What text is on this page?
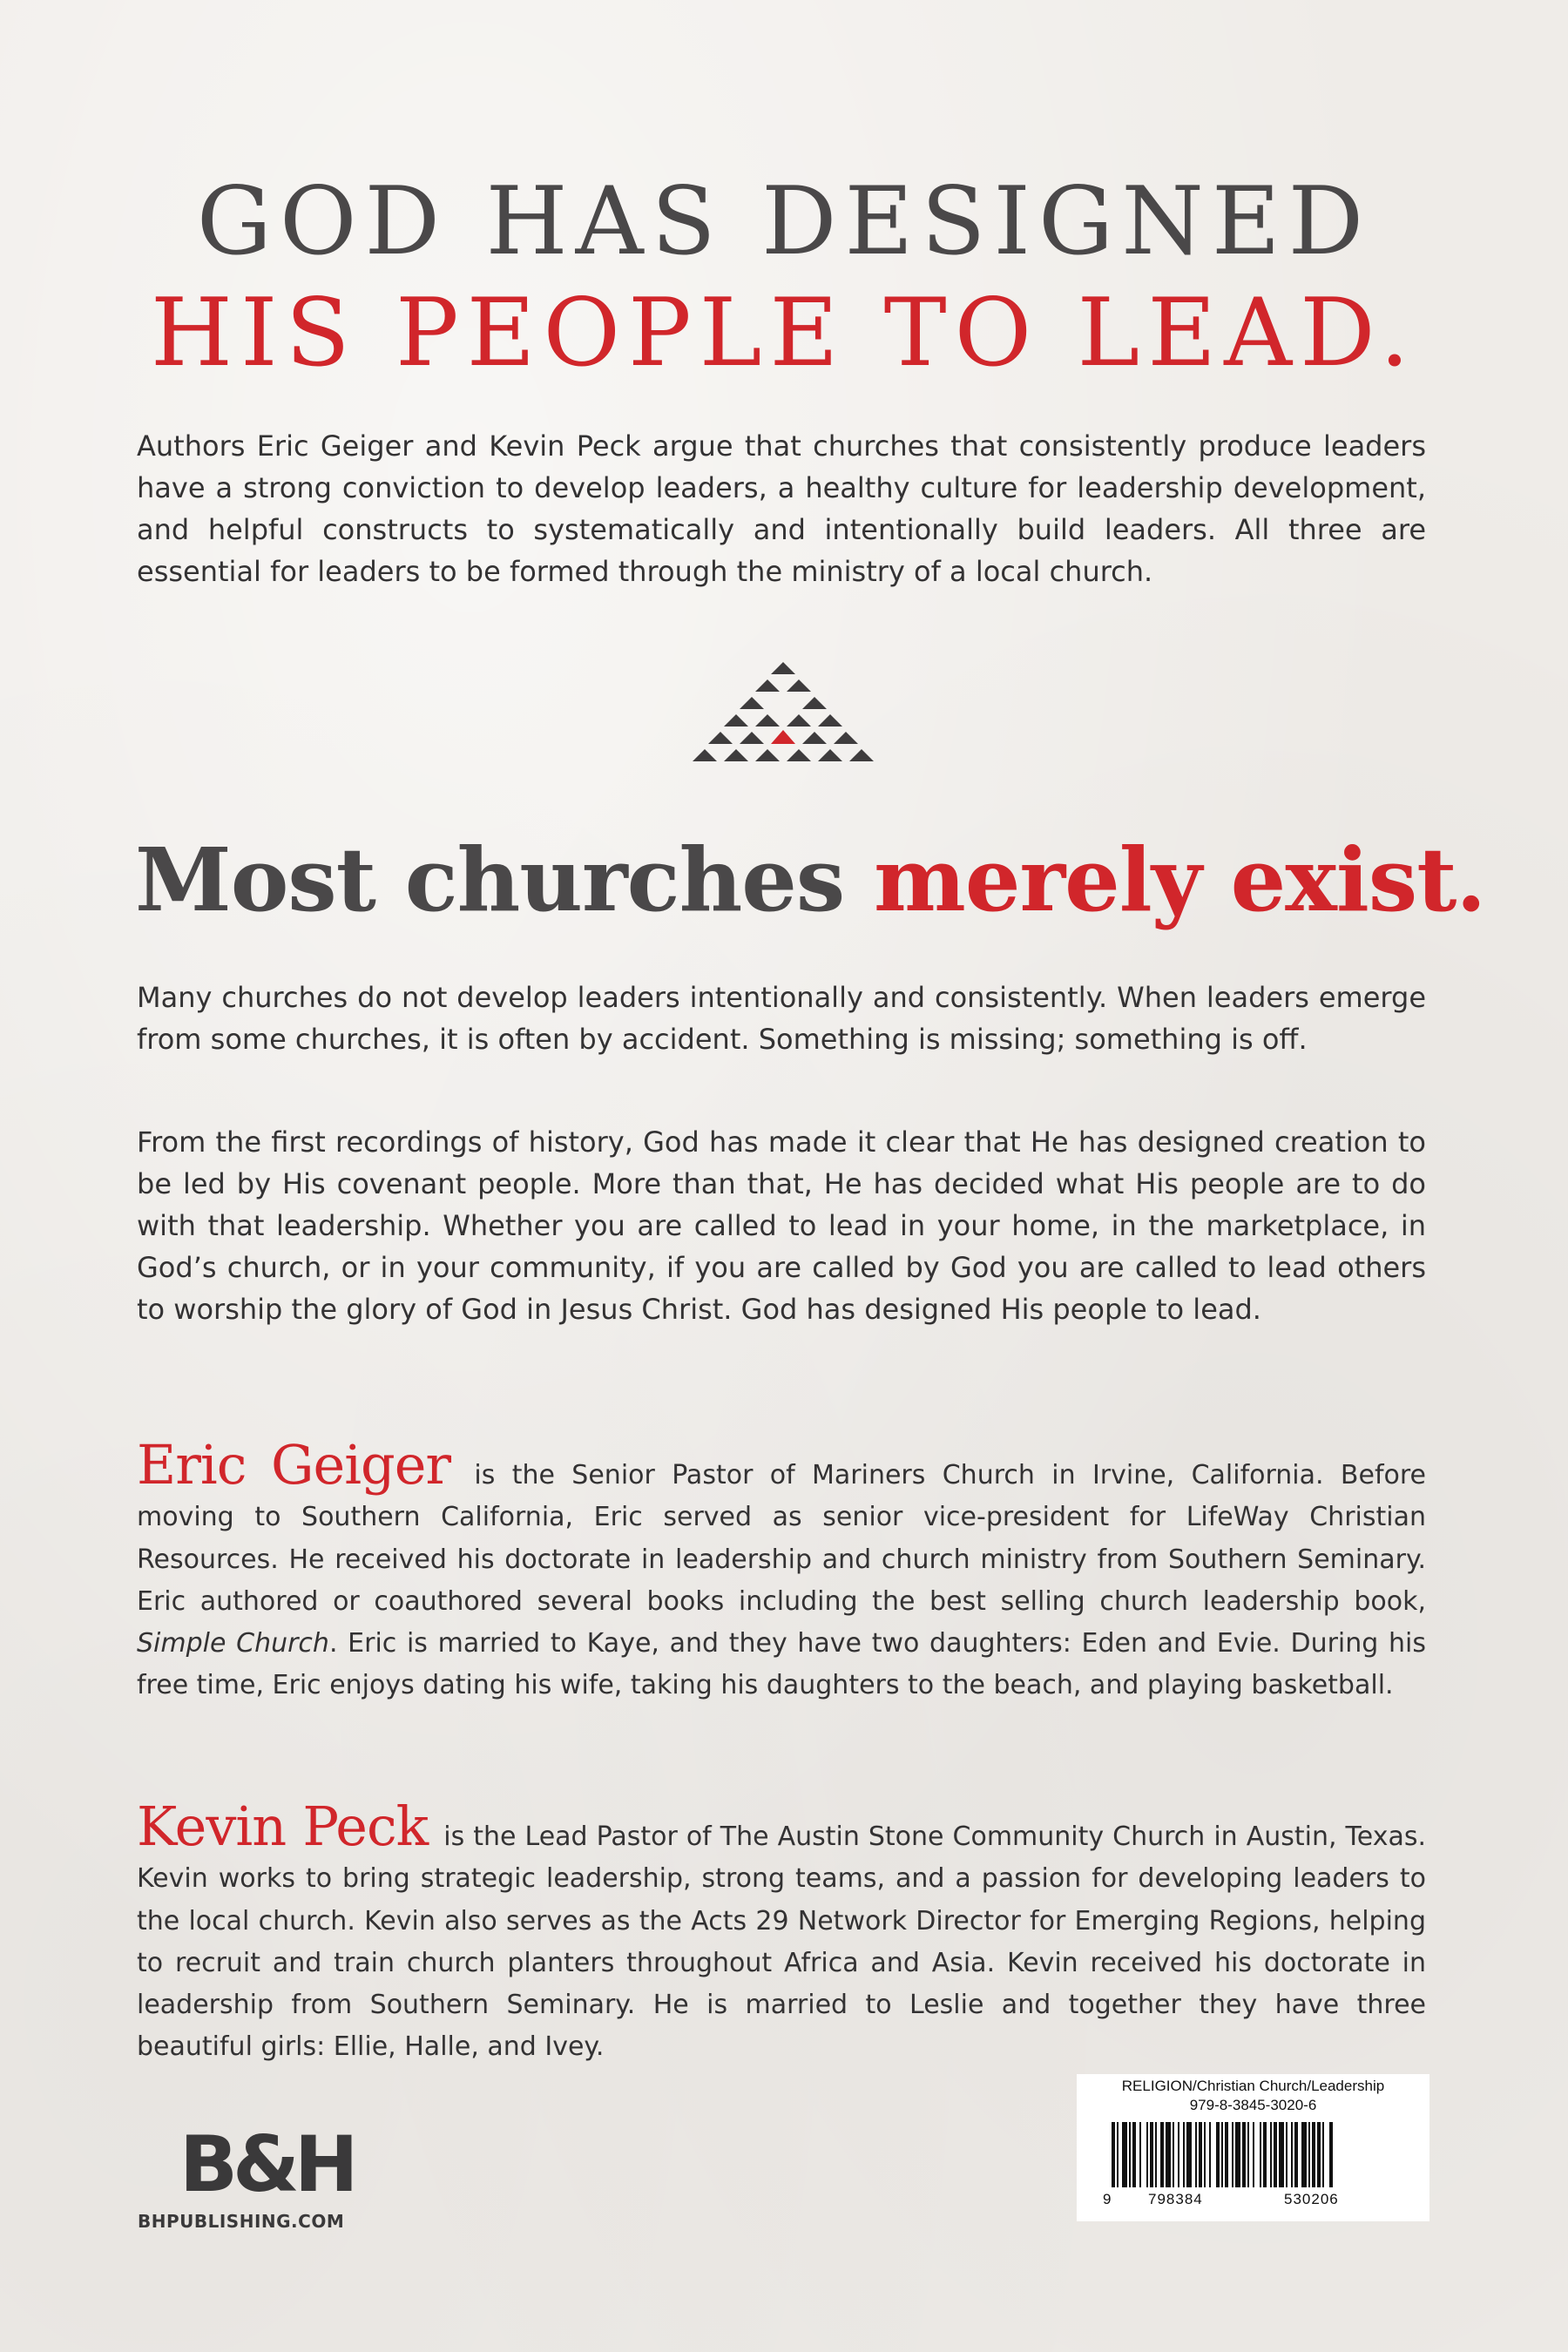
GOD HAS DESIGNED
HIS PEOPLE TO LEAD.

Authors Eric Geiger and Kevin Peck argue that churches that consistently produce leaders have a strong conviction to develop leaders, a healthy culture for leadership development, and helpful constructs to systematically and intentionally build leaders. All three are essential for leaders to be formed through the ministry of a local church.

Most churches merely exist.

Many churches do not develop leaders intentionally and consistently. When leaders emerge from some churches, it is often by accident. Something is missing; something is off.

From the first recordings of history, God has made it clear that He has designed creation to be led by His covenant people. More than that, He has decided what His people are to do with that leadership. Whether you are called to lead in your home, in the marketplace, in God’s church, or in your community, if you are called by God you are called to lead others to worship the glory of God in Jesus Christ. God has designed His people to lead.

Eric Geiger is the Senior Pastor of Mariners Church in Irvine, California. Before moving to Southern California, Eric served as senior vice-president for LifeWay Christian Resources. He received his doctorate in leadership and church ministry from Southern Seminary. Eric authored or coauthored several books including the best selling church leadership book, Simple Church. Eric is married to Kaye, and they have two daughters: Eden and Evie. During his free time, Eric enjoys dating his wife, taking his daughters to the beach, and playing basketball.

Kevin Peck is the Lead Pastor of The Austin Stone Community Church in Austin, Texas. Kevin works to bring strategic leadership, strong teams, and a passion for developing leaders to the local church. Kevin also serves as the Acts 29 Network Director for Emerging Regions, helping to recruit and train church planters throughout Africa and Asia. Kevin received his doctorate in leadership from Southern Seminary. He is married to Leslie and together they have three beautiful girls: Ellie, Halle, and Ivey.

B&H
BHPUBLISHING.COM

RELIGION/Christian Church/Leadership

979-8-3845-3020-6

9 798384	530206
